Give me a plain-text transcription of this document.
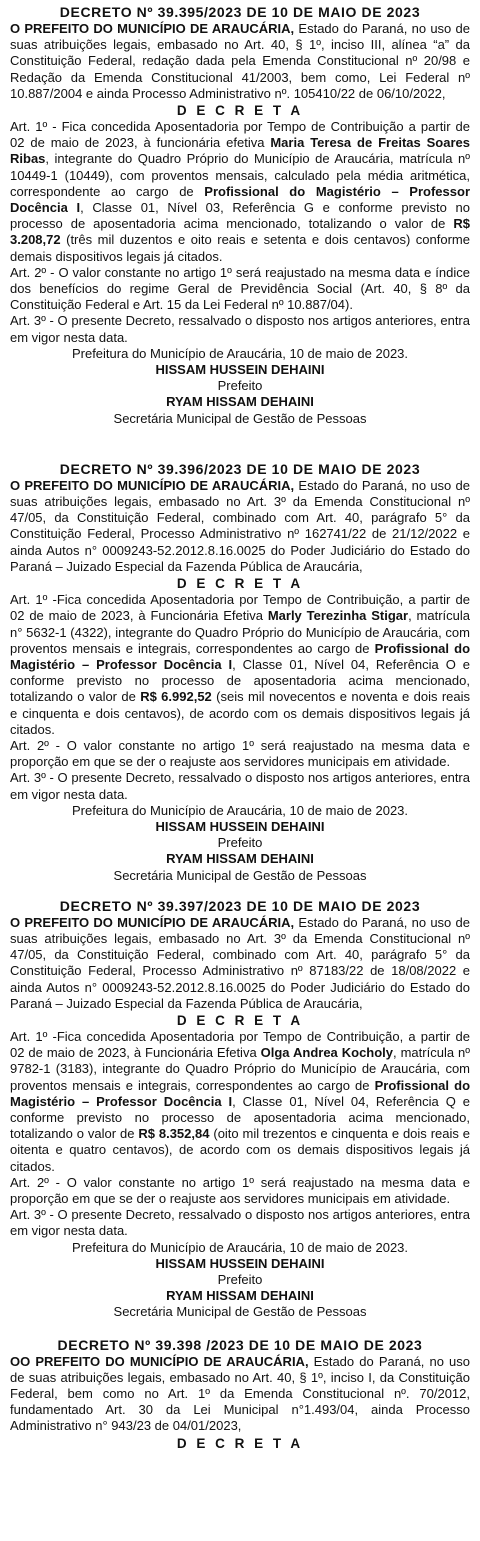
DECRETO Nº 39.395/2023 DE 10 DE MAIO DE 2023

O PREFEITO DO MUNICÍPIO DE ARAUCÁRIA, Estado do Paraná, no uso de suas atribuições legais, embasado no Art. 40, § 1º, inciso III, alínea “a” da Constituição Federal, redação dada pela Emenda Constitucional nº 20/98 e Redação da Emenda Constitucional 41/2003, bem como, Lei Federal nº 10.887/2004 e ainda Processo Administrativo nº. 105410/22 de 06/10/2022,

D E C R E T A

Art. 1º - Fica concedida Aposentadoria por Tempo de Contribuição a partir de 02 de maio de 2023, à funcionária efetiva Maria Teresa de Freitas Soares Ribas, integrante do Quadro Próprio do Município de Araucária, matrícula nº 10449-1 (10449), com proventos mensais, calculado pela média aritmética, correspondente ao cargo de Profissional do Magistério – Professor Docência I, Classe 01, Nível 03, Referência G e conforme previsto no processo de aposentadoria acima mencionado, totalizando o valor de R$ 3.208,72 (três mil duzentos e oito reais e setenta e dois centavos) conforme demais dispositivos legais já citados.

Art. 2º - O valor constante no artigo 1º será reajustado na mesma data e índice dos benefícios do regime Geral de Previdência Social (Art. 40, § 8º da Constituição Federal e Art. 15 da Lei Federal nº 10.887/04).

Art. 3º - O presente Decreto, ressalvado o disposto nos artigos anteriores, entra em vigor nesta data.

Prefeitura do Município de Araucária, 10 de maio de 2023.
HISSAM HUSSEIN DEHAINI
Prefeito
RYAM HISSAM DEHAINI
Secretária Municipal de Gestão de Pessoas
DECRETO Nº 39.396/2023 DE 10 DE MAIO DE 2023

O PREFEITO DO MUNICÍPIO DE ARAUCÁRIA, Estado do Paraná, no uso de suas atribuições legais, embasado no Art. 3º da Emenda Constitucional nº 47/05, da Constituição Federal, combinado com Art. 40, parágrafo 5° da Constituição Federal, Processo Administrativo nº 162741/22 de 21/12/2022 e ainda Autos n° 0009243-52.2012.8.16.0025 do Poder Judiciário do Estado do Paraná – Juizado Especial da Fazenda Pública de Araucária,

D E C R E T A

Art. 1º -Fica concedida Aposentadoria por Tempo de Contribuição, a partir de 02 de maio de 2023, à Funcionária Efetiva Marly Terezinha Stigar, matrícula n° 5632-1 (4322), integrante do Quadro Próprio do Município de Araucária, com proventos mensais e integrais, correspondentes ao cargo de Profissional do Magistério – Professor Docência I, Classe 01, Nível 04, Referência O e conforme previsto no processo de aposentadoria acima mencionado, totalizando o valor de R$ 6.992,52 (seis mil novecentos e noventa e dois reais e cinquenta e dois centavos), de acordo com os demais dispositivos legais já citados.

Art. 2º - O valor constante no artigo 1º será reajustado na mesma data e proporção em que se der o reajuste aos servidores municipais em atividade.

Art. 3º - O presente Decreto, ressalvado o disposto nos artigos anteriores, entra em vigor nesta data.

Prefeitura do Município de Araucária, 10 de maio de 2023.
HISSAM HUSSEIN DEHAINI
Prefeito
RYAM HISSAM DEHAINI
Secretária Municipal de Gestão de Pessoas
DECRETO Nº 39.397/2023 DE 10 DE MAIO DE 2023

O PREFEITO DO MUNICÍPIO DE ARAUCÁRIA, Estado do Paraná, no uso de suas atribuições legais, embasado no Art. 3º da Emenda Constitucional nº 47/05, da Constituição Federal, combinado com Art. 40, parágrafo 5° da Constituição Federal, Processo Administrativo nº 87183/22 de 18/08/2022 e ainda Autos n° 0009243-52.2012.8.16.0025 do Poder Judiciário do Estado do Paraná – Juizado Especial da Fazenda Pública de Araucária,

D E C R E T A

Art. 1º -Fica concedida Aposentadoria por Tempo de Contribuição, a partir de 02 de maio de 2023, à Funcionária Efetiva Olga Andrea Kocholy, matrícula nº 9782-1 (3183), integrante do Quadro Próprio do Município de Araucária, com proventos mensais e integrais, correspondentes ao cargo de Profissional do Magistério – Professor Docência I, Classe 01, Nível 04, Referência Q e conforme previsto no processo de aposentadoria acima mencionado, totalizando o valor de R$ 8.352,84 (oito mil trezentos e cinquenta e dois reais e oitenta e quatro centavos), de acordo com os demais dispositivos legais já citados.

Art. 2º - O valor constante no artigo 1º será reajustado na mesma data e proporção em que se der o reajuste aos servidores municipais em atividade.

Art. 3º - O presente Decreto, ressalvado o disposto nos artigos anteriores, entra em vigor nesta data.

Prefeitura do Município de Araucária, 10 de maio de 2023.
HISSAM HUSSEIN DEHAINI
Prefeito
RYAM HISSAM DEHAINI
Secretária Municipal de Gestão de Pessoas
DECRETO Nº 39.398 /2023 DE 10 DE MAIO DE 2023

OO PREFEITO DO MUNICÍPIO DE ARAUCÁRIA, Estado do Paraná, no uso de suas atribuições legais, embasado no Art. 40, § 1º, inciso I, da Constituição Federal, bem como no Art. 1º da Emenda Constitucional nº. 70/2012, fundamentado Art. 30 da Lei Municipal n°1.493/04, ainda Processo Administrativo n° 943/23 de 04/01/2023,

D E C R E T A
